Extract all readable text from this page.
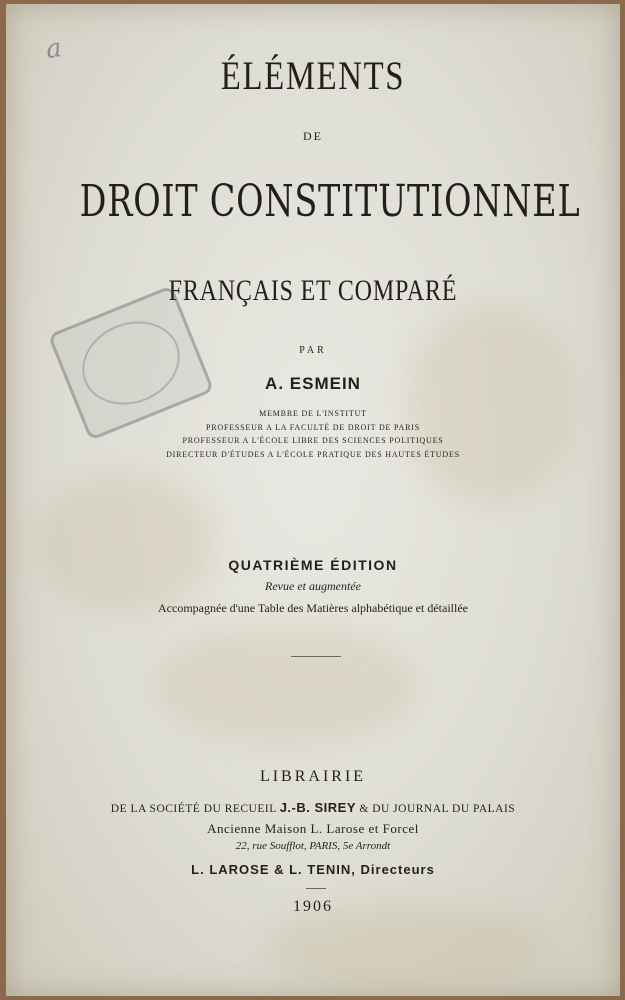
a
ÉLÉMENTS
DE
DROIT CONSTITUTIONNEL
FRANÇAIS ET COMPARÉ
PAR
A. ESMEIN
MEMBRE DE L'INSTITUT
PROFESSEUR A LA FACULTÉ DE DROIT DE PARIS
PROFESSEUR A L'ÉCOLE LIBRE DES SCIENCES POLITIQUES
DIRECTEUR D'ÉTUDES A L'ÉCOLE PRATIQUE DES HAUTES ÉTUDES
QUATRIÈME ÉDITION
Revue et augmentée
Accompagnée d'une Table des Matières alphabétique et détaillée
LIBRAIRIE
DE LA SOCIÉTÉ DU RECUEIL J.-B. SIREY & DU JOURNAL DU PALAIS
Ancienne Maison L. Larose et Forcel
22, rue Soufflot, PARIS, 5e Arrondt
L. LAROSE & L. TENIN, Directeurs
1906
